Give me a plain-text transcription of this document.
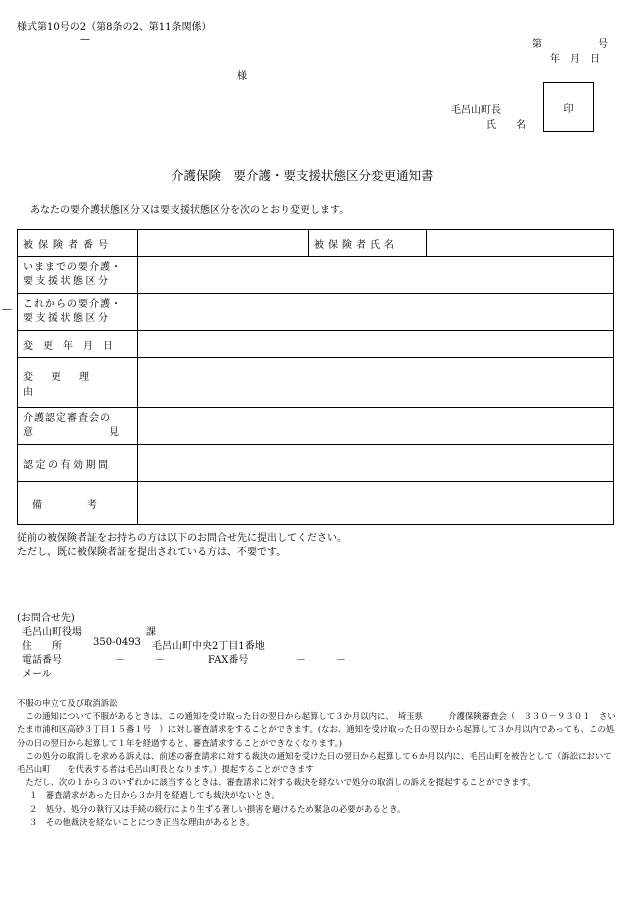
様式第10号の2（第8条の2、第11条関係）
—	第	号
年　月　日
様
毛呂山町長
氏　　名
印
介護保険　要介護・要支援状態区分変更通知書
あなたの要介護状態区分又は要支援状態区分を次のとおり変更します。
—
被保険者番号		被保険者氏名	

いままでの要介護・
要支援状態区分			

これからの要介護・
要支援状態区分			

変更年月日			
変更理由			

介護認定審査会の
意 見			

認定の有効期間			
備　　　　考			
従前の被保険者証をお持ちの方は以下のお問合せ先に提出してください。
ただし、既に被保険者証を提出されている方は、不要です。
(お問合せ先)
毛呂山町役場	課
住　　所	350-0493 毛呂山町中央2丁目1番地
電話番号	－　　　－	FAX番号	－　　　－
メール

不服の申立て及び取消訴訟

この通知について不服があるときは、この通知を受け取った日の翌日から起算して３か月以内に、　埼玉県　　　介護保険審査会（　３３０－９３０１　さいたま市浦和区高砂３丁目１５番１号　）に対し審査請求をすることができます。(なお、通知を受け取った日の翌日から起算して３か月以内であっても、この処分の日の翌日から起算して１年を経過すると、審査請求することができなくなります。)

この処分の取消しを求める訴えは、前述の審査請求に対する裁決の通知を受けた日の翌日から起算して６か月以内に、毛呂山町を被告として（訴訟において　毛呂山町　　を代表する者は毛呂山町長となります。）提起することができます

ただし、次の１から３のいずれかに該当するときは、審査請求に対する裁決を経ないで処分の取消しの訴えを提起することができます。

１　審査請求があった日から３か月を経過しても裁決がないとき。

２　処分、処分の執行又は手続の続行により生ずる著しい損害を避けるため緊急の必要があるとき。

３　その他裁決を経ないことにつき正当な理由があるとき。
